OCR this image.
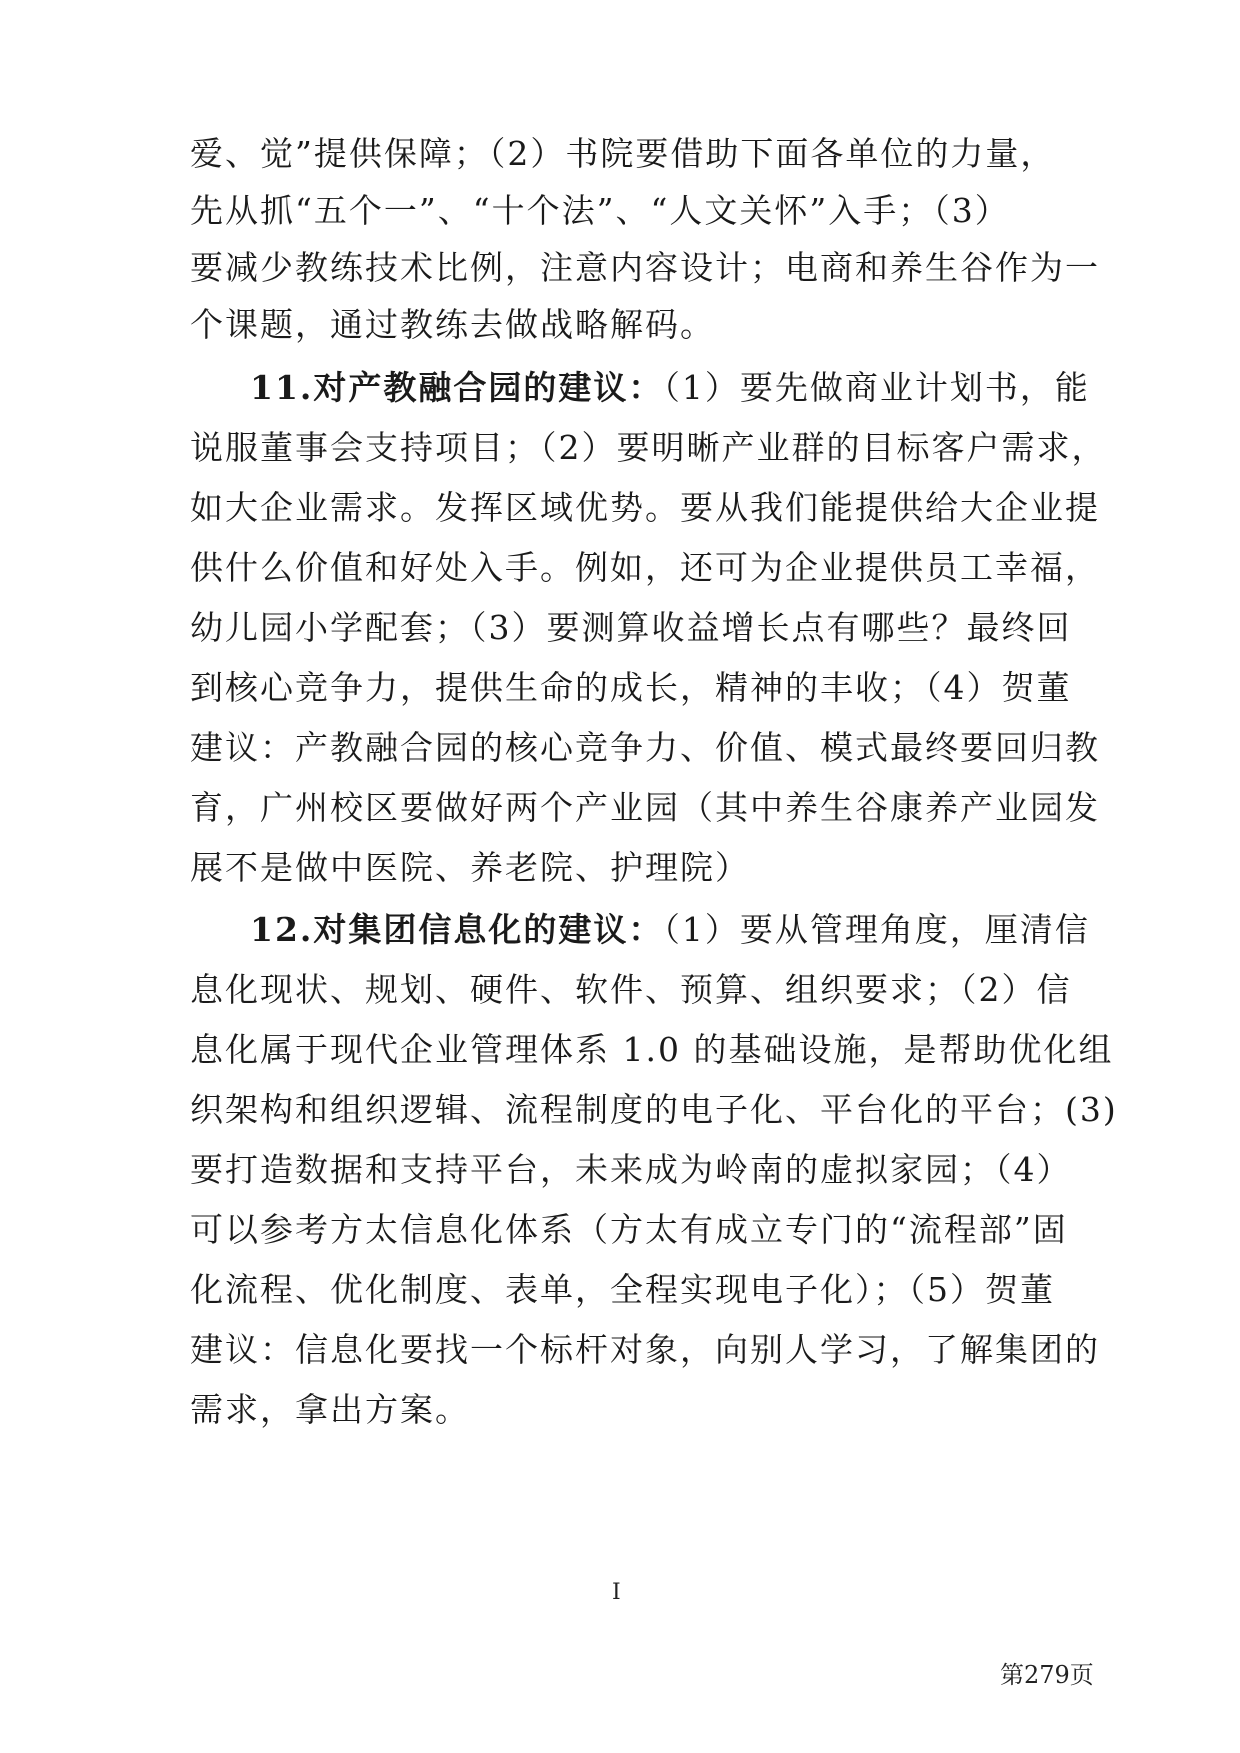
爱、觉”提供保障；（2）书院要借助下面各单位的力量，
先从抓“五个一”、“十个法”、“人文关怀”入手；（3）
要减少教练技术比例，注意内容设计；电商和养生谷作为一
个课题，通过教练去做战略解码。
11.对产教融合园的建议：（1）要先做商业计划书，能
说服董事会支持项目；（2）要明晰产业群的目标客户需求，
如大企业需求。发挥区域优势。要从我们能提供给大企业提
供什么价值和好处入手。例如，还可为企业提供员工幸福，
幼儿园小学配套；（3）要测算收益增长点有哪些？最终回
到核心竞争力，提供生命的成长，精神的丰收；（4）贺董
建议：产教融合园的核心竞争力、价值、模式最终要回归教
育，广州校区要做好两个产业园（其中养生谷康养产业园发
展不是做中医院、养老院、护理院）
12.对集团信息化的建议：（1）要从管理角度，厘清信
息化现状、规划、硬件、软件、预算、组织要求；（2）信
息化属于现代企业管理体系 1.0 的基础设施，是帮助优化组
织架构和组织逻辑、流程制度的电子化、平台化的平台；(3)
要打造数据和支持平台，未来成为岭南的虚拟家园；（4）
可以参考方太信息化体系（方太有成立专门的“流程部”固
化流程、优化制度、表单，全程实现电子化）；（5）贺董
建议：信息化要找一个标杆对象，向别人学习，了解集团的
需求，拿出方案。
I
第279页
